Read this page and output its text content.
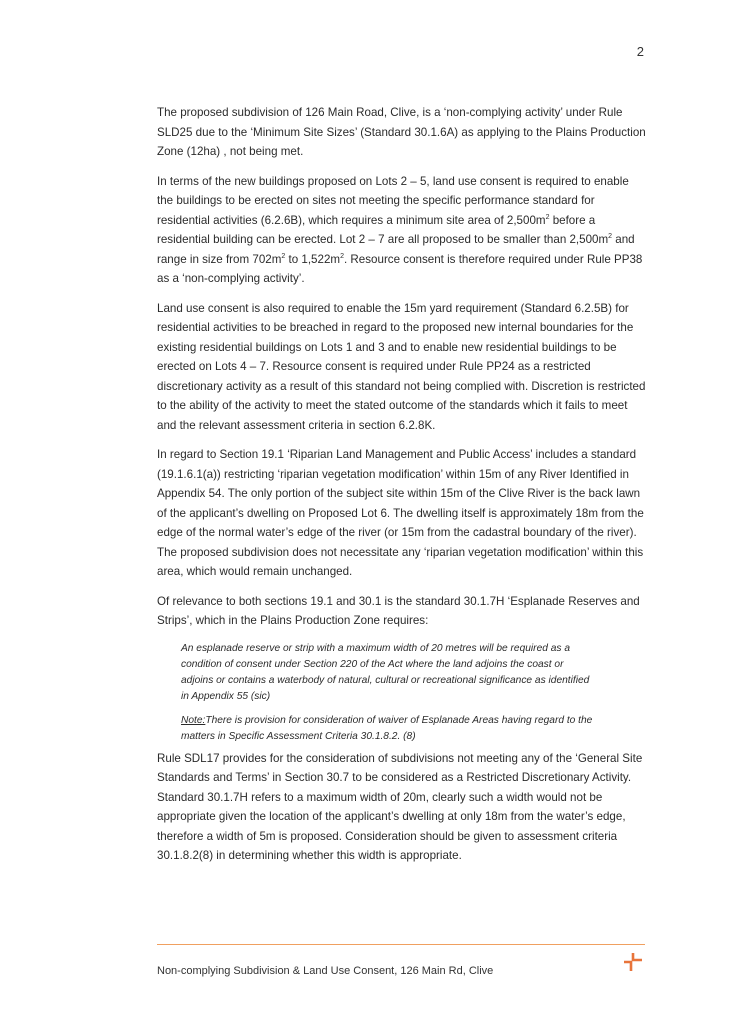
2

The proposed subdivision of 126 Main Road, Clive, is a ‘non-complying activity’ under Rule SLD25 due to the ‘Minimum Site Sizes’ (Standard 30.1.6A) as applying to the Plains Production Zone (12ha) , not being met.

In terms of the new buildings proposed on Lots 2 – 5, land use consent is required to enable the buildings to be erected on sites not meeting the specific performance standard for residential activities (6.2.6B), which requires a minimum site area of $2,500m^2$ before a residential building can be erected. Lot 2 – 7 are all proposed to be smaller than $2,500m^2$ and range in size from $702m^2$ to $1,522m^2$. Resource consent is therefore required under Rule PP38 as a ‘non-complying activity’.

Land use consent is also required to enable the 15m yard requirement (Standard 6.2.5B) for residential activities to be breached in regard to the proposed new internal boundaries for the existing residential buildings on Lots 1 and 3 and to enable new residential buildings to be erected on Lots 4 – 7. Resource consent is required under Rule PP24 as a restricted discretionary activity as a result of this standard not being complied with. Discretion is restricted to the ability of the activity to meet the stated outcome of the standards which it fails to meet and the relevant assessment criteria in section 6.2.8K.

In regard to Section 19.1 ‘Riparian Land Management and Public Access’ includes a standard (19.1.6.1(a)) restricting ‘riparian vegetation modification’ within 15m of any River Identified in Appendix 54. The only portion of the subject site within 15m of the Clive River is the back lawn of the applicant’s dwelling on Proposed Lot 6. The dwelling itself is approximately 18m from the edge of the normal water’s edge of the river (or 15m from the cadastral boundary of the river). The proposed subdivision does not necessitate any ‘riparian vegetation modification’ within this area, which would remain unchanged.

Of relevance to both sections 19.1 and 30.1 is the standard 30.1.7H ‘Esplanade Reserves and Strips’, which in the Plains Production Zone requires:

An esplanade reserve or strip with a maximum width of 20 metres will be required as a condition of consent under Section 220 of the Act where the land adjoins the coast or adjoins or contains a waterbody of natural, cultural or recreational significance as identified in Appendix 55 (sic)

Note:There is provision for consideration of waiver of Esplanade Areas having regard to the matters in Specific Assessment Criteria 30.1.8.2. (8)

Rule SDL17 provides for the consideration of subdivisions not meeting any of the ‘General Site Standards and Terms’ in Section 30.7 to be considered as a Restricted Discretionary Activity. Standard 30.1.7H refers to a maximum width of 20m, clearly such a width would not be appropriate given the location of the applicant’s dwelling at only 18m from the water’s edge, therefore a width of 5m is proposed. Consideration should be given to assessment criteria 30.1.8.2(8) in determining whether this width is appropriate.

Non-complying Subdivision & Land Use Consent, 126 Main Rd, Clive
